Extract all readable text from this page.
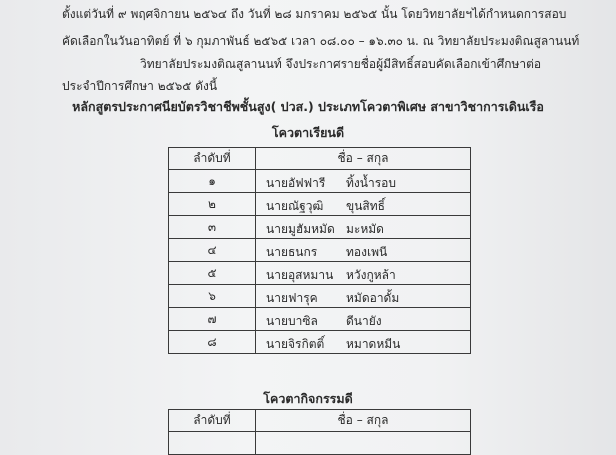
ตั้งแต่วันที่ ๙ พฤศจิกายน ๒๕๖๔ ถึง วันที่ ๒๘ มกราคม ๒๕๖๕ นั้น โดยวิทยาลัยฯได้กำหนดการสอบ
คัดเลือกในวันอาทิตย์ ที่ ๖ กุมภาพันธ์ ๒๕๖๕ เวลา ๐๘.๐๐ – ๑๖.๓๐ น. ณ วิทยาลัยประมงติณสูลานนท์
วิทยาลัยประมงติณสูลานนท์ จึงประกาศรายชื่อผู้มีสิทธิ์สอบคัดเลือกเข้าศึกษาต่อ
ประจำปีการศึกษา ๒๕๖๕ ดังนี้
หลักสูตรประกาศนียบัตรวิชาชีพชั้นสูง( ปวส.) ประเภทโควตาพิเศษ สาขาวิชาการเดินเรือ
โควตาเรียนดี
ลำดับที่	ชื่อ – สกุล
๑	นายอัฟฟารี ทิ้งน้ำรอบ

๒	นายณัฐวุฒิ ขุนสิทธิ์

๓	นายมูฮัมหมัด มะหมัด

๔	นายธนกร ทองเพนี

๕	นายอุสหมาน หวังกูหล้า

๖	นายฟารุค หมัดอาดั้ม

๗	นายบาซิล ดีนายัง

๘	นายจิรกิตติ์ หมาดหมีน
โควตากิจกรรมดี
ลำดับที่	ชื่อ – สกุล
